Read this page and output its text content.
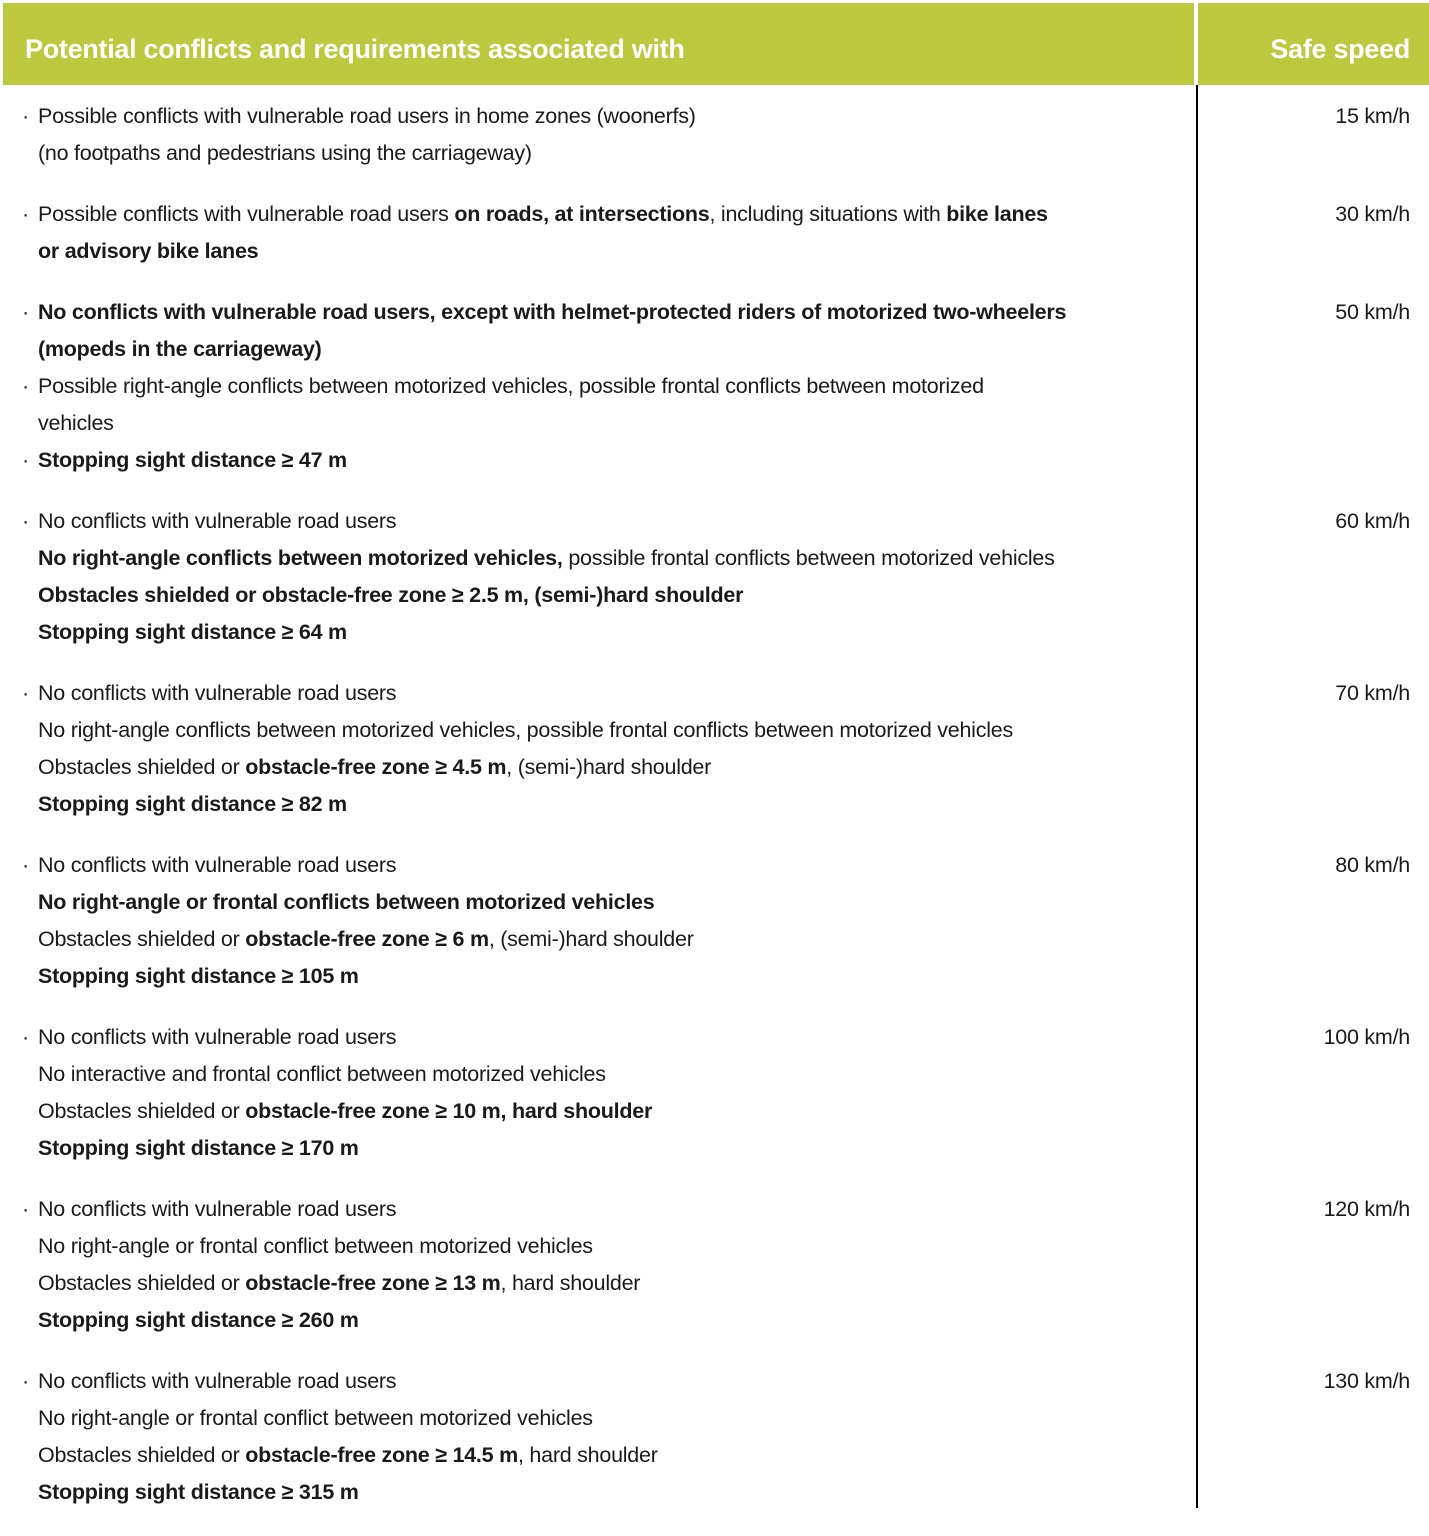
Potential conflicts and requirements associated with	Safe speed
· Possible conflicts with vulnerable road users in home zones (woonerfs)
(no footpaths and pedestrians using the carriageway)
15 km/h
· Possible conflicts with vulnerable road users on roads, at intersections, including situations with bike lanes
or advisory bike lanes
30 km/h
· No conflicts with vulnerable road users, except with helmet-protected riders of motorized two-wheelers
(mopeds in the carriageway)
· Possible right-angle conflicts between motorized vehicles, possible frontal conflicts between motorized
vehicles
· Stopping sight distance ≥ 47 m
50 km/h
· No conflicts with vulnerable road users
No right-angle conflicts between motorized vehicles, possible frontal conflicts between motorized vehicles
Obstacles shielded or obstacle-free zone ≥ 2.5 m, (semi-)hard shoulder
Stopping sight distance ≥ 64 m
60 km/h
· No conflicts with vulnerable road users
No right-angle conflicts between motorized vehicles, possible frontal conflicts between motorized vehicles
Obstacles shielded or obstacle-free zone ≥ 4.5 m, (semi-)hard shoulder
Stopping sight distance ≥ 82 m
70 km/h
· No conflicts with vulnerable road users
No right-angle or frontal conflicts between motorized vehicles
Obstacles shielded or obstacle-free zone ≥ 6 m, (semi-)hard shoulder
Stopping sight distance ≥ 105 m
80 km/h
· No conflicts with vulnerable road users
No interactive and frontal conflict between motorized vehicles
Obstacles shielded or obstacle-free zone ≥ 10 m, hard shoulder
Stopping sight distance ≥ 170 m
100 km/h
· No conflicts with vulnerable road users
No right-angle or frontal conflict between motorized vehicles
Obstacles shielded or obstacle-free zone ≥ 13 m, hard shoulder
Stopping sight distance ≥ 260 m
120 km/h
· No conflicts with vulnerable road users
No right-angle or frontal conflict between motorized vehicles
Obstacles shielded or obstacle-free zone ≥ 14.5 m, hard shoulder
Stopping sight distance ≥ 315 m
130 km/h
